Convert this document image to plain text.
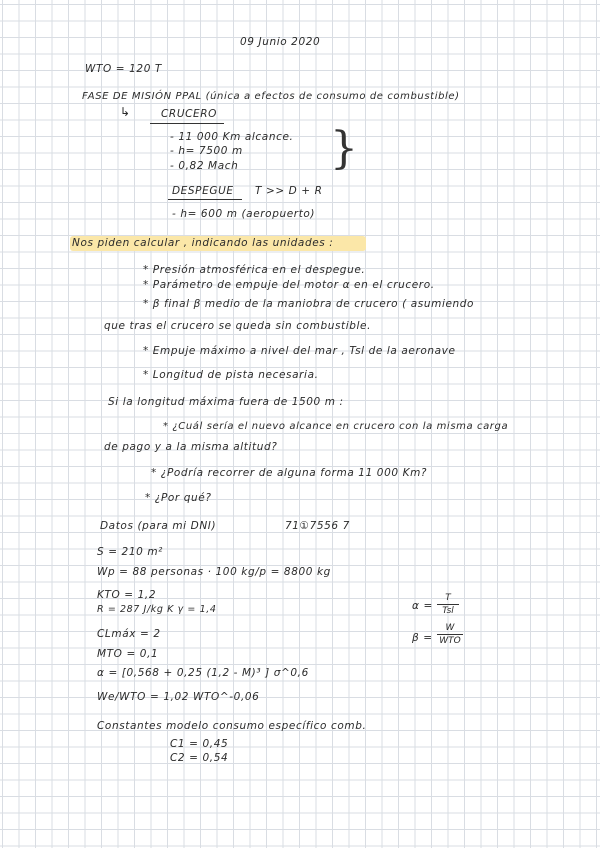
09 Junio 2020
WTO = 120 T
FASE DE MISIÓN PPAL (única a efectos de consumo de combustible)
↳	CRUCERO
- 11 000 Km alcance.
- h= 7500 m
- 0,82 Mach }
DESPEGUE T >> D + R
- h= 600 m (aeropuerto)
Nos piden calcular , indicando las unidades :
* Presión atmosférica en el despegue.
* Parámetro de empuje del motor α en el crucero.
* β final β medio de la maniobra de crucero ( asumiendo
que tras el crucero se queda sin combustible.
* Empuje máximo a nivel del mar , Tsl de la aeronave
* Longitud de pista necesaria.
Si la longitud máxima fuera de 1500 m :
* ¿Cuál sería el nuevo alcance en crucero con la misma carga
de pago y a la misma altitud?
* ¿Podría recorrer de alguna forma 11 000 Km?
* ¿Por qué?
Datos (para mi DNI)	71①7556 7
S = 210 m²
Wp = 88 personas · 100 kg/p = 8800 kg
KTO = 1,2
R = 287 J/kg K γ = 1,4
CLmáx = 2
MTO = 0,1
α = [0,568 + 0,25 (1,2 - M)³ ] σ^0,6
We/WTO = 1,02 WTO^-0,06
Constantes modelo consumo específico comb.
C1 = 0,45
C2 = 0,54
α =
T
Tsl
β =
W
WTO
